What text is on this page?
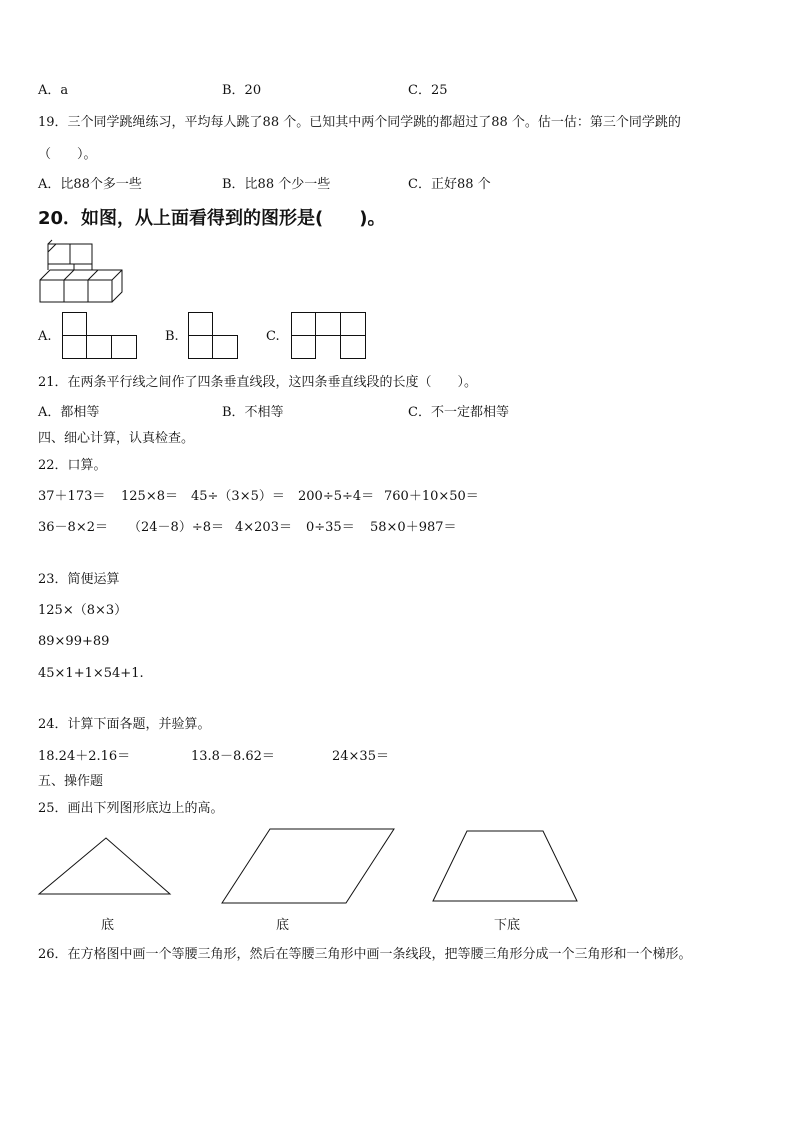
A．a	B．20	C．25
19．三个同学跳绳练习，平均每人跳了88 个。已知其中两个同学跳的都超过了88 个。估一估：第三个同学跳的
（　　）。
A．比88个多一些	B．比88 个少一些	C．正好88 个
20．如图，从上面看得到的图形是(　　)。
A.	B.	C.
21．在两条平行线之间作了四条垂直线段，这四条垂直线段的长度（　　）。
A．都相等	B．不相等	C．不一定都相等
四、细心计算，认真检查。
22．口算。
37＋173＝ 125×8＝ 45÷（3×5）＝ 200÷5÷4＝ 760＋10×50＝
36－8×2＝ （24－8）÷8＝ 4×203＝ 0÷35＝ 58×0＋987＝
23．简便运算
125×（8×3）
89×99+89
45×1+1×54+1.
24．计算下面各题，并验算。
18.24＋2.16＝	13.8－8.62＝	24×35＝
五、操作题
25．画出下列图形底边上的高。
底	底	下底
26．在方格图中画一个等腰三角形，然后在等腰三角形中画一条线段，把等腰三角形分成一个三角形和一个梯形。
